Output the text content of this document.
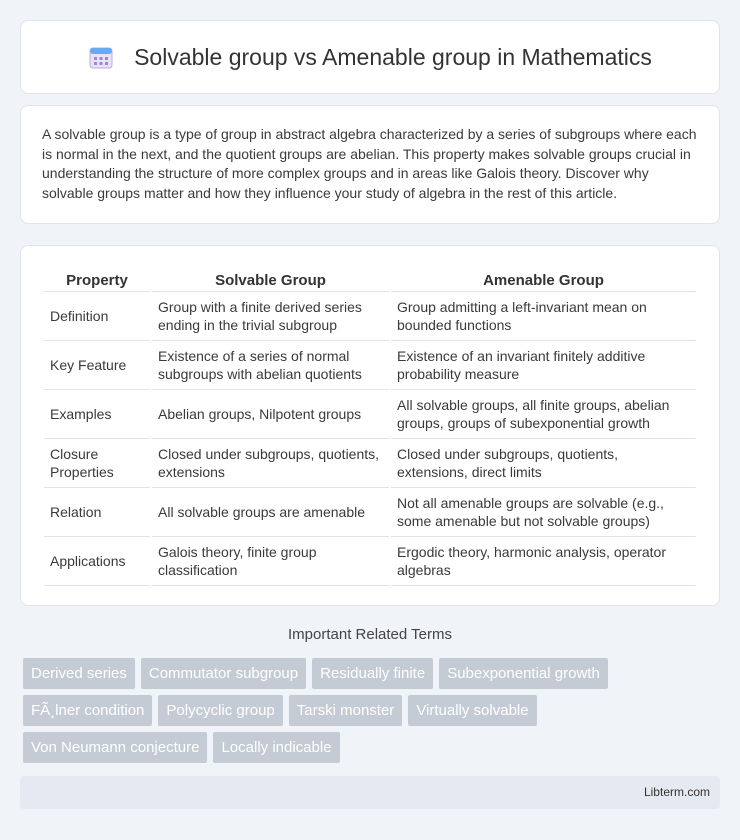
Solvable group vs Amenable group in Mathematics

A solvable group is a type of group in abstract algebra characterized by a series of subgroups where each is normal in the next, and the quotient groups are abelian. This property makes solvable groups crucial in understanding the structure of more complex groups and in areas like Galois theory. Discover why solvable groups matter and how they influence your study of algebra in the rest of this article.

Property	Solvable Group	Amenable Group
Definition	Group with a finite derived series ending in the trivial subgroup	Group admitting a left-invariant mean on bounded functions
Key Feature	Existence of a series of normal subgroups with abelian quotients	Existence of an invariant finitely additive probability measure
Examples	Abelian groups, Nilpotent groups	All solvable groups, all finite groups, abelian groups, groups of subexponential growth
Closure Properties	Closed under subgroups, quotients, extensions	Closed under subgroups, quotients, extensions, direct limits
Relation	All solvable groups are amenable	Not all amenable groups are solvable (e.g., some amenable but not solvable groups)
Applications	Galois theory, finite group classification	Ergodic theory, harmonic analysis, operator algebras
Important Related Terms
Derived series	Commutator subgroup	Residually finite	Subexponential growth
FÃ¸lner condition	Polycyclic group	Tarski monster	Virtually solvable
Von Neumann conjecture	Locally indicable
Libterm.com
